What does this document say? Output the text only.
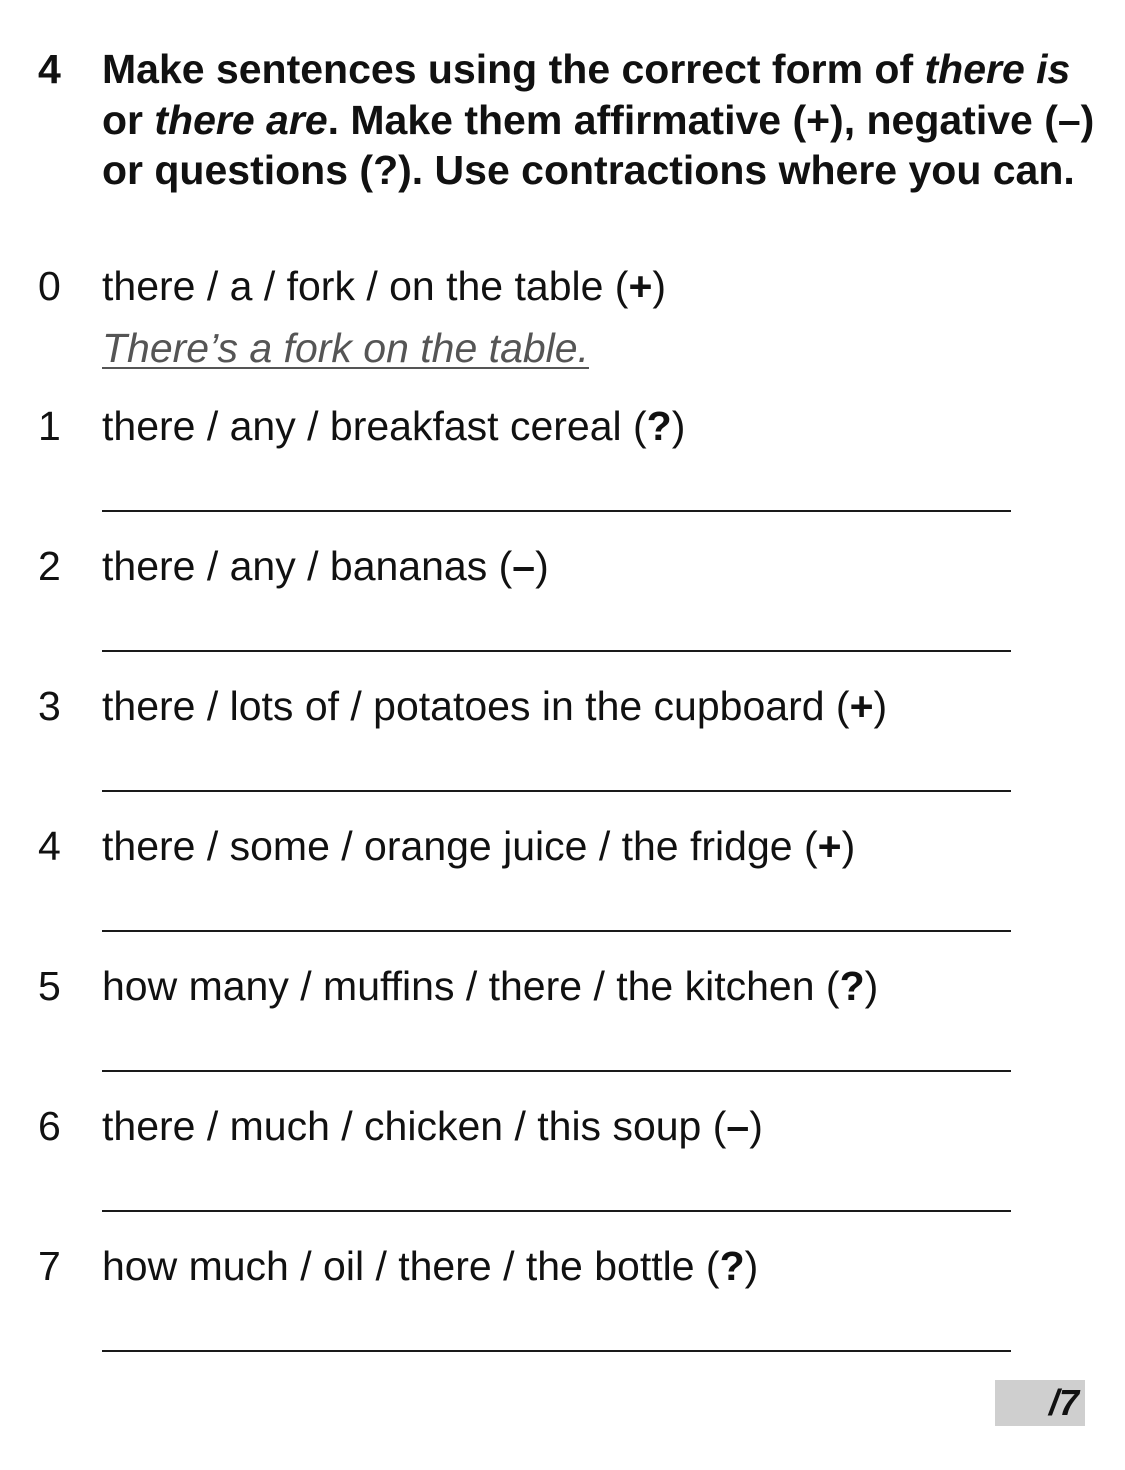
4 Make sentences using the correct form of there is or there are. Make them affirmative (+), negative (–) or questions (?). Use contractions where you can.
0 there / a / fork / on the table (+)
There’s a fork on the table.
1 there / any / breakfast cereal (?)
2 there / any / bananas (–)
3 there / lots of / potatoes in the cupboard (+)
4 there / some / orange juice / the fridge (+)
5 how many / muffins / there / the kitchen (?)
6 there / much / chicken / this soup (–)
7 how much / oil / there / the bottle (?)
/7
